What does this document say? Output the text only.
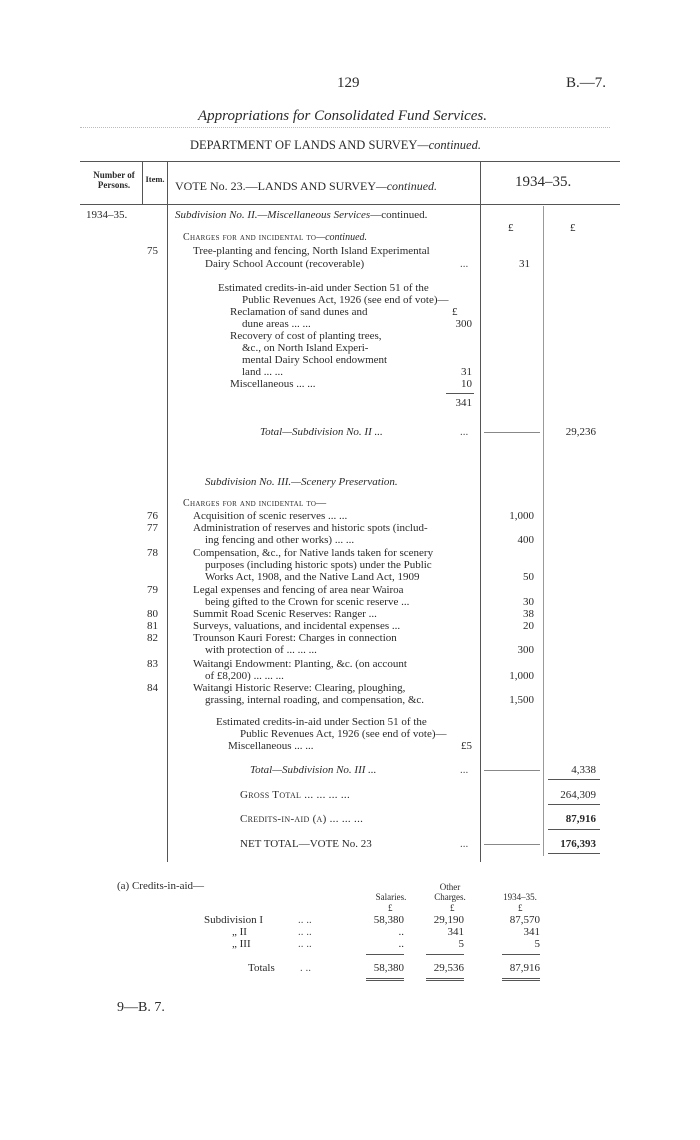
129	B.—7.
Appropriations for Consolidated Fund Services.
DEPARTMENT OF LANDS AND SURVEY—continued.
Number of Persons.
Item. VOTE No. 23.—LANDS AND SURVEY—continued.	1934–35.
1934–35.	Subdivision No. II.—Miscellaneous Services—continued.
£	£
Charges for and incidental to—continued.
75	Tree-planting and fencing, North Island Experimental
Dairy School Account (recoverable)	...	31
Estimated credits-in-aid under Section 51 of the
Public Revenues Act, 1926 (see end of vote)—
£
Reclamation of sand dunes and
dune areas ... ...	300
Recovery of cost of planting trees,
&c., on North Island Experi-
mental Dairy School endowment
land ... ...	31
Miscellaneous ... ...	10
341
Total—Subdivision No. II ...	...	29,236
Subdivision No. III.—Scenery Preservation.
Charges for and incidental to—
76	Acquisition of scenic reserves ... ...	1,000
77	Administration of reserves and historic spots (includ-
ing fencing and other works) ... ...	400
78	Compensation, &c., for Native lands taken for scenery
purposes (including historic spots) under the Public
Works Act, 1908, and the Native Land Act, 1909	50
79	Legal expenses and fencing of area near Wairoa
being gifted to the Crown for scenic reserve ...	30
80	Summit Road Scenic Reserves: Ranger ...	38
81	Surveys, valuations, and incidental expenses ...	20
82	Trounson Kauri Forest: Charges in connection
with protection of ... ... ...	300
83	Waitangi Endowment: Planting, &c. (on account
of £8,200) ... ... ...	1,000
84	Waitangi Historic Reserve: Clearing, ploughing,
grassing, internal roading, and compensation, &c.	1,500
Estimated credits-in-aid under Section 51 of the
Public Revenues Act, 1926 (see end of vote)—
Miscellaneous ... ...	£5
Total—Subdivision No. III ...	...	4,338
Gross Total ... ... ... ...	264,309
Credits-in-aid (a) ... ... ...	87,916
NET TOTAL—VOTE No. 23	...	176,393
(a) Credits-in-aid—
Salaries.
Other Charges.	1934–35.
£	£	£
Subdivision I	.. ..	58,380	29,190	87,570
„ II	.. ..	..	341	341
„ III	.. ..	..	5	5
Totals . ..	58,380	29,536	87,916
9—B. 7.
